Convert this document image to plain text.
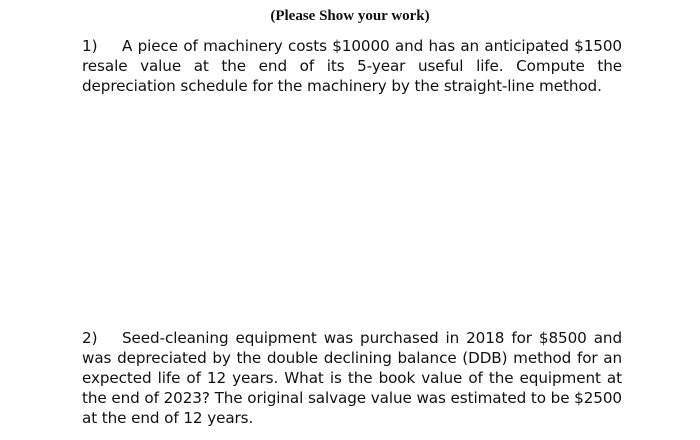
(Please Show your work)
1) A piece of machinery costs $10000 and has an anticipated $1500 resale value at the end of its 5-year useful life. Compute the depreciation schedule for the machinery by the straight-line method.
2) Seed-cleaning equipment was purchased in 2018 for $8500 and was depreciated by the double declining balance (DDB) method for an expected life of 12 years. What is the book value of the equipment at the end of 2023? The original salvage value was estimated to be $2500 at the end of 12 years.
